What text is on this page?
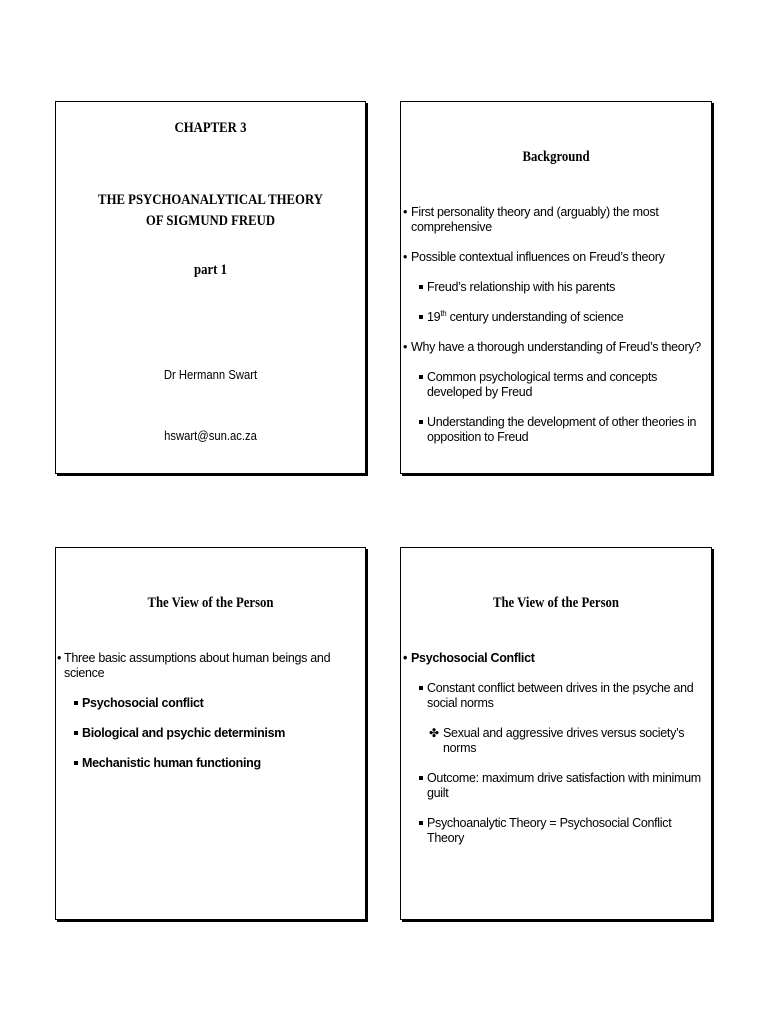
CHAPTER 3
THE PSYCHOANALYTICAL THEORY
OF SIGMUND FREUD
part 1
Dr Hermann Swart
hswart@sun.ac.za
Background
• First personality theory and (arguably) the most comprehensive
• Possible contextual influences on Freud’s theory
Freud’s relationship with his parents
19th century understanding of science
• Why have a thorough understanding of Freud’s theory?
Common psychological terms and concepts developed by Freud
Understanding the development of other theories in opposition to Freud
The View of the Person
• Three basic assumptions about human beings and science
Psychosocial conflict
Biological and psychic determinism
Mechanistic human functioning
The View of the Person
• Psychosocial Conflict
Constant conflict between drives in the psyche and social norms
✤ Sexual and aggressive drives versus society’s norms
Outcome: maximum drive satisfaction with minimum guilt
Psychoanalytic Theory = Psychosocial Conflict Theory
